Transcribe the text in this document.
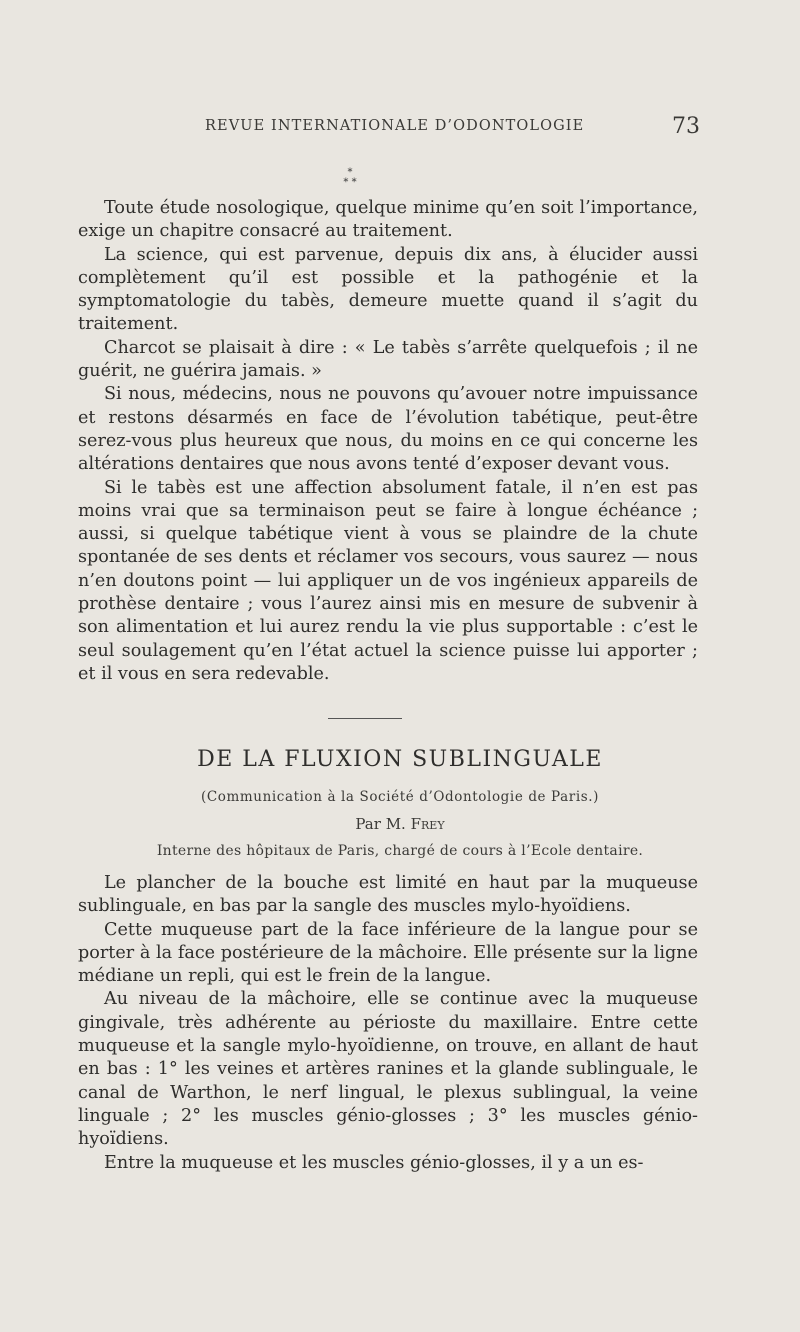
REVUE INTERNATIONALE D’ODONTOLOGIE	73
*
* *

Toute étude nosologique, quelque minime qu’en soit l’importance, exige un chapitre consacré au traitement.

La science, qui est parvenue, depuis dix ans, à élucider aussi complètement qu’il est possible et la pathogénie et la symptomatologie du tabès, demeure muette quand il s’agit du traitement.

Charcot se plaisait à dire : « Le tabès s’arrête quelquefois ; il ne guérit, ne guérira jamais. »

Si nous, médecins, nous ne pouvons qu’avouer notre impuissance et restons désarmés en face de l’évolution tabétique, peut-être serez-vous plus heureux que nous, du moins en ce qui concerne les altérations dentaires que nous avons tenté d’exposer devant vous.

Si le tabès est une affection absolument fatale, il n’en est pas moins vrai que sa terminaison peut se faire à longue échéance ; aussi, si quelque tabétique vient à vous se plaindre de la chute spontanée de ses dents et réclamer vos secours, vous saurez — nous n’en doutons point — lui appliquer un de vos ingénieux appareils de prothèse dentaire ; vous l’aurez ainsi mis en mesure de subvenir à son alimentation et lui aurez rendu la vie plus supportable : c’est le seul soulagement qu’en l’état actuel la science puisse lui apporter ; et il vous en sera redevable.

DE LA FLUXION SUBLINGUALE
(Communication à la Société d’Odontologie de Paris.)
Par M. Frey
Interne des hôpitaux de Paris, chargé de cours à l’Ecole dentaire.

Le plancher de la bouche est limité en haut par la muqueuse sublinguale, en bas par la sangle des muscles mylo-hyoïdiens.

Cette muqueuse part de la face inférieure de la langue pour se porter à la face postérieure de la mâchoire. Elle présente sur la ligne médiane un repli, qui est le frein de la langue.

Au niveau de la mâchoire, elle se continue avec la muqueuse gingivale, très adhérente au périoste du maxillaire. Entre cette muqueuse et la sangle mylo-hyoïdienne, on trouve, en allant de haut en bas : 1° les veines et artères ranines et la glande sublinguale, le canal de Warthon, le nerf lingual, le plexus sublingual, la veine linguale ; 2° les muscles génio-glosses ; 3° les muscles génio-hyoïdiens.

Entre la muqueuse et les muscles génio-glosses, il y a un es-
